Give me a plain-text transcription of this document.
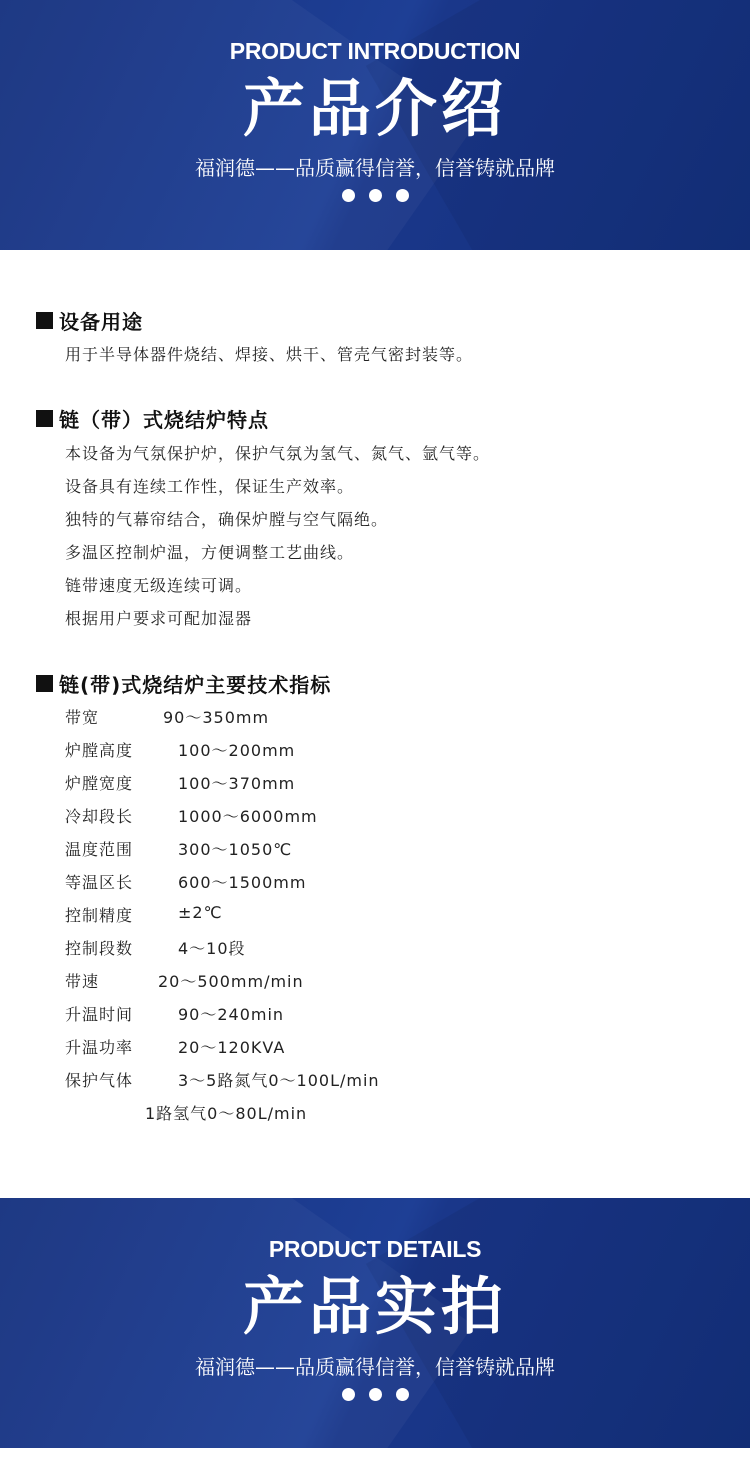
PRODUCT INTRODUCTION
产品介绍
福润德——品质赢得信誉，信誉铸就品牌
设备用途
用于半导体器件烧结、焊接、烘干、管壳气密封装等。
链（带）式烧结炉特点
本设备为气氛保护炉，保护气氛为氢气、氮气、氩气等。
设备具有连续工作性，保证生产效率。
独特的气幕帘结合，确保炉膛与空气隔绝。
多温区控制炉温，方便调整工艺曲线。
链带速度无级连续可调。
根据用户要求可配加湿器
链(带)式烧结炉主要技术指标
带宽	90～350mm
炉膛高度	100～200mm
炉膛宽度	100～370mm
冷却段长	1000～6000mm
温度范围	300～1050℃
等温区长	600～1500mm
控制精度	±2℃
控制段数	4～10段
带速	20～500mm/min
升温时间	90～240min
升温功率	20～120KVA
保护气体	3～5路氮气0～100L/min
1路氢气0～80L/min
PRODUCT DETAILS
产品实拍
福润德——品质赢得信誉，信誉铸就品牌
